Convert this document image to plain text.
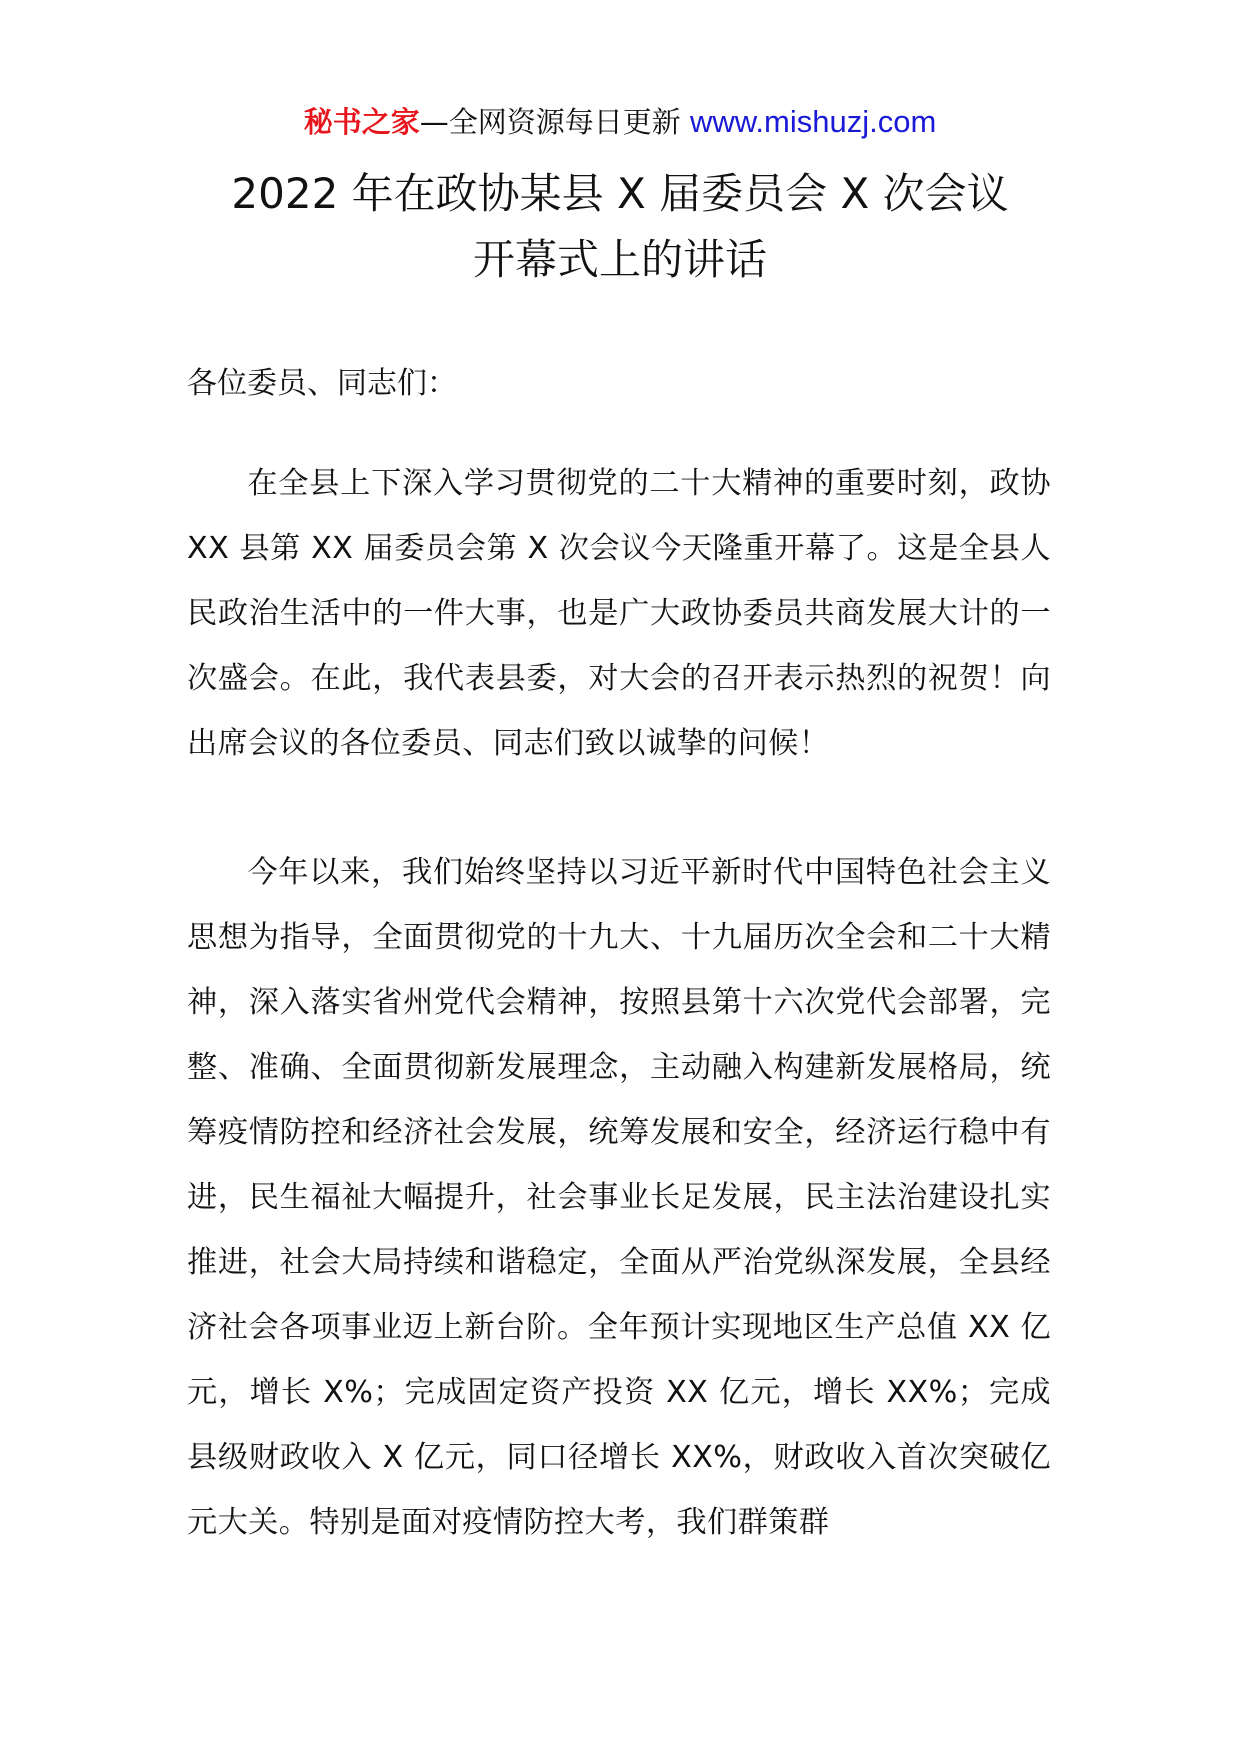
秘书之家—全网资源每日更新 www.mishuzj.com
2022 年在政协某县 X 届委员会 X 次会议
开幕式上的讲话
各位委员、同志们：

在全县上下深入学习贯彻党的二十大精神的重要时刻，政协 XX 县第 XX 届委员会第 X 次会议今天隆重开幕了。这是全县人民政治生活中的一件大事，也是广大政协委员共商发展大计的一次盛会。在此，我代表县委，对大会的召开表示热烈的祝贺！向出席会议的各位委员、同志们致以诚挚的问候！

今年以来，我们始终坚持以习近平新时代中国特色社会主义思想为指导，全面贯彻党的十九大、十九届历次全会和二十大精神，深入落实省州党代会精神，按照县第十六次党代会部署，完整、准确、全面贯彻新发展理念，主动融入构建新发展格局，统筹疫情防控和经济社会发展，统筹发展和安全，经济运行稳中有进，民生福祉大幅提升，社会事业长足发展，民主法治建设扎实推进，社会大局持续和谐稳定，全面从严治党纵深发展，全县经济社会各项事业迈上新台阶。全年预计实现地区生产总值 XX 亿元，增长 X%；完成固定资产投资 XX 亿元，增长 XX%；完成县级财政收入 X 亿元，同口径增长 XX%，财政收入首次突破亿元大关。特别是面对疫情防控大考，我们群策群
